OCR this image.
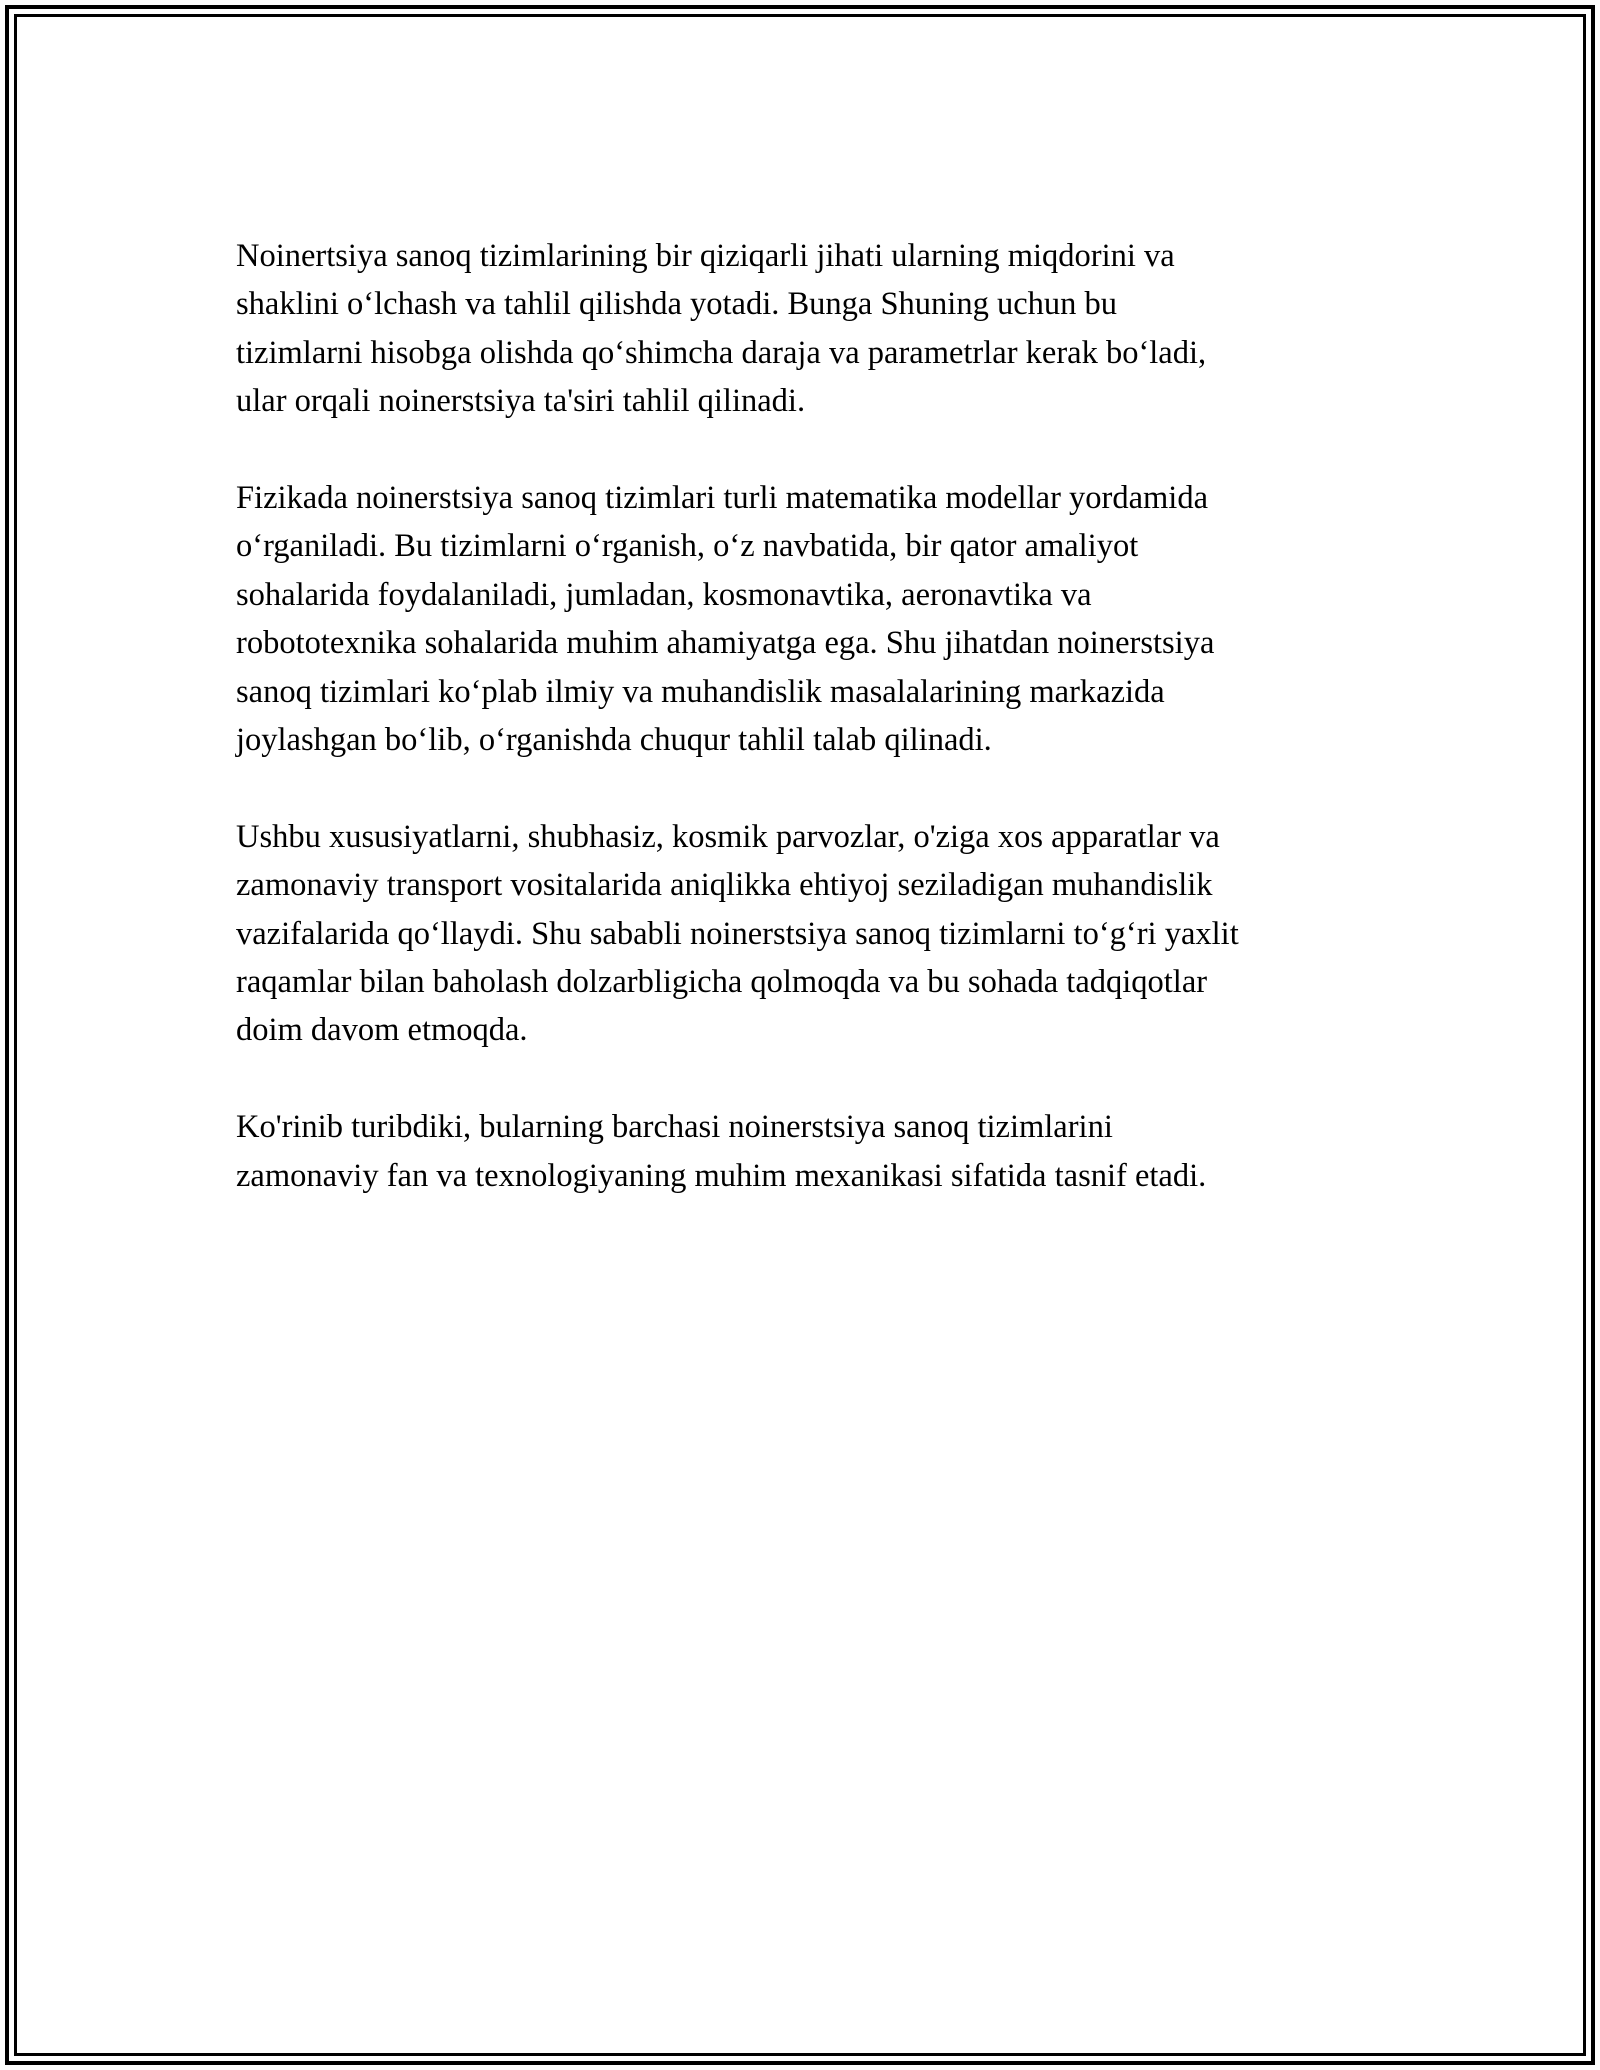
Noinertsiya sanoq tizimlarining bir qiziqarli jihati ularning miqdorini va
shaklini o‘lchash va tahlil qilishda yotadi. Bunga Shuning uchun bu
tizimlarni hisobga olishda qo‘shimcha daraja va parametrlar kerak bo‘ladi,
ular orqali noinerstsiya ta'siri tahlil qilinadi.

Fizikada noinerstsiya sanoq tizimlari turli matematika modellar yordamida
o‘rganiladi. Bu tizimlarni o‘rganish, o‘z navbatida, bir qator amaliyot
sohalarida foydalaniladi, jumladan, kosmonavtika, aeronavtika va
robototexnika sohalarida muhim ahamiyatga ega. Shu jihatdan noinerstsiya
sanoq tizimlari ko‘plab ilmiy va muhandislik masalalarining markazida
joylashgan bo‘lib, o‘rganishda chuqur tahlil talab qilinadi.

Ushbu xususiyatlarni, shubhasiz, kosmik parvozlar, o'ziga xos apparatlar va
zamonaviy transport vositalarida aniqlikka ehtiyoj seziladigan muhandislik
vazifalarida qo‘llaydi. Shu sababli noinerstsiya sanoq tizimlarni to‘g‘ri yaxlit
raqamlar bilan baholash dolzarbligicha qolmoqda va bu sohada tadqiqotlar
doim davom etmoqda.

Ko'rinib turibdiki, bularning barchasi noinerstsiya sanoq tizimlarini
zamonaviy fan va texnologiyaning muhim mexanikasi sifatida tasnif etadi.
